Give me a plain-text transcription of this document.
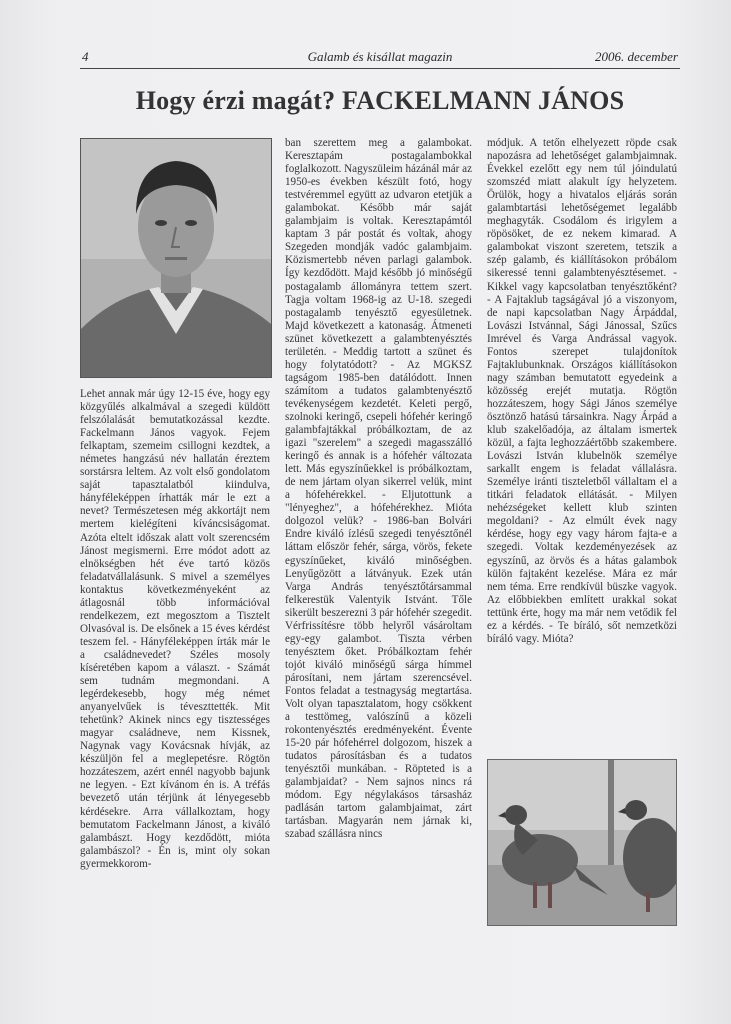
4	Galamb és kisállat magazin	2006. december
Hogy érzi magát? FACKELMANN JÁNOS

Lehet annak már úgy 12-15 éve, hogy egy közgyűlés alkalmával a szegedi küldött felszólalását bemutatkozással kezdte. Fackelmann János vagyok. Fejem felkaptam, szemeim csillogni kezdtek, a németes hangzású név hallatán éreztem sorstársra leltem. Az volt első gondolatom saját tapasztalatból kiindulva, hányféleképpen írhatták már le ezt a nevet? Természetesen még akkortájt nem mertem kielégíteni kíváncsiságomat. Azóta eltelt időszak alatt volt szerencsém Jánost megismerni. Erre módot adott az elnökségben hét éve tartó közös feladatvállalásunk. S mivel a személyes kontaktus következményeként az átlagosnál több információval rendelkezem, ezt megosztom a Tisztelt Olvasóval is. De elsőnek a 15 éves kérdést teszem fel. - Hányféleképpen írták már le a családnevedet? Széles mosoly kíséretében kapom a választ. - Számát sem tudnám megmondani. A legérdekesebb, hogy még német anyanyelvűek is téveszttették. Mit tehetünk? Akinek nincs egy tisztességes magyar családneve, nem Kissnek, Nagynak vagy Kovácsnak hívják, az készüljön fel a meglepetésre. Rögtön hozzáteszem, azért ennél nagyobb bajunk ne legyen. - Ezt kívánom én is. A tréfás bevezető után térjünk át lényegesebb kérdésekre. Arra vállalkoztam, hogy bemutatom Fackelmann Jánost, a kiváló galambászt. Hogy kezdődött, mióta galambászol? - Én is, mint oly sokan gyermekkorom-

ban szerettem meg a galambokat. Keresztapám postagalambokkal foglalkozott. Nagyszüleim házánál már az 1950-es években készült fotó, hogy testvéremmel együtt az udvaron etetjük a galambokat. Később már saját galambjaim is voltak. Keresztapámtól kaptam 3 pár postát és voltak, ahogy Szegeden mondják vadóc galambjaim. Közismertebb néven parlagi galambok. Így kezdődött. Majd később jó minőségű postagalamb állományra tettem szert. Tagja voltam 1968-ig az U-18. szegedi postagalamb tenyésztő egyesületnek. Majd következett a katonaság. Átmeneti szünet következett a galambtenyésztés területén. - Meddig tartott a szünet és hogy folytatódott? - Az MGKSZ tagságom 1985-ben datálódott. Innen számítom a tudatos galambtenyésztő tevékenységem kezdetét. Keleti pergő, szolnoki keringő, csepeli hófehér keringő galambfajtákkal próbálkoztam, de az igazi "szerelem" a szegedi magasszálló keringő és annak is a hófehér változata lett. Más egyszínűekkel is próbálkoztam, de nem jártam olyan sikerrel velük, mint a hófehérekkel. - Eljutottunk a "lényeghez", a hófehérekhez. Mióta dolgozol velük? - 1986-ban Bolvári Endre kiváló ízlésű szegedi tenyésztőnél láttam először fehér, sárga, vörös, fekete egyszínűeket, kiváló minőségben. Lenyűgözött a látványuk. Ezek után Varga András tenyésztőtársammal felkerestük Valentyik Istvánt. Tőle sikerült beszerezni 3 pár hófehér szegedit. Vérfrissítésre több helyről vásároltam egy-egy galambot. Tiszta vérben tenyésztem őket. Próbálkoztam fehér tojót kiváló minőségű sárga hímmel párosítani, nem jártam szerencsével. Fontos feladat a testnagyság megtartása. Volt olyan tapasztalatom, hogy csökkent a testtömeg, valószínű a közeli rokontenyésztés eredményeként. Évente 15-20 pár hófehérrel dolgozom, hiszek a tudatos párosításban és a tudatos tenyésztői munkában. - Röpteted is a galambjaidat? - Nem sajnos nincs rá módom. Egy négylakásos társasház padlásán tartom galambjaimat, zárt tartásban. Magyarán nem járnak ki, szabad szállásra nincs

módjuk. A tetőn elhelyezett röpde csak napozásra ad lehetőséget galambjaimnak. Évekkel ezelőtt egy nem túl jóindulatú szomszéd miatt alakult így helyzetem. Örülök, hogy a hivatalos eljárás során galambtartási lehetőségemet legalább meghagyták. Csodálom és irigylem a röpösöket, de ez nekem kimarad. A galambokat viszont szeretem, tetszik a szép galamb, és kiállításokon próbálom sikeressé tenni galambtenyésztésemet. - Kikkel vagy kapcsolatban tenyésztőként? - A Fajtaklub tagságával jó a viszonyom, de napi kapcsolatban Nagy Árpáddal, Lovászi Istvánnal, Sági Jánossal, Szűcs Imrével és Varga Andrással vagyok. Fontos szerepet tulajdonítok Fajtaklubunknak. Országos kiállításokon nagy számban bemutatott egyedeink a közösség erejét mutatja. Rögtön hozzáteszem, hogy Sági János személye ösztönző hatású társainkra. Nagy Árpád a klub szakelőadója, az általam ismertek közül, a fajta leghozzáértőbb szakembere. Lovászi István klubelnök személye sarkallt engem is feladat vállalásra. Személye iránti tiszteletből vállaltam el a titkári feladatok ellátását. - Milyen nehézségeket kellett klub szinten megoldani? - Az elmúlt évek nagy kérdése, hogy egy vagy három fajta-e a szegedi. Voltak kezdeményezések az egyszínű, az örvös és a hátas galambok külön fajtaként kezelése. Mára ez már nem téma. Erre rendkívül büszke vagyok. Az előbbiekben említett urakkal sokat tettünk érte, hogy ma már nem vetődik fel ez a kérdés. - Te bíráló, sőt nemzetközi bíráló vagy. Mióta?
